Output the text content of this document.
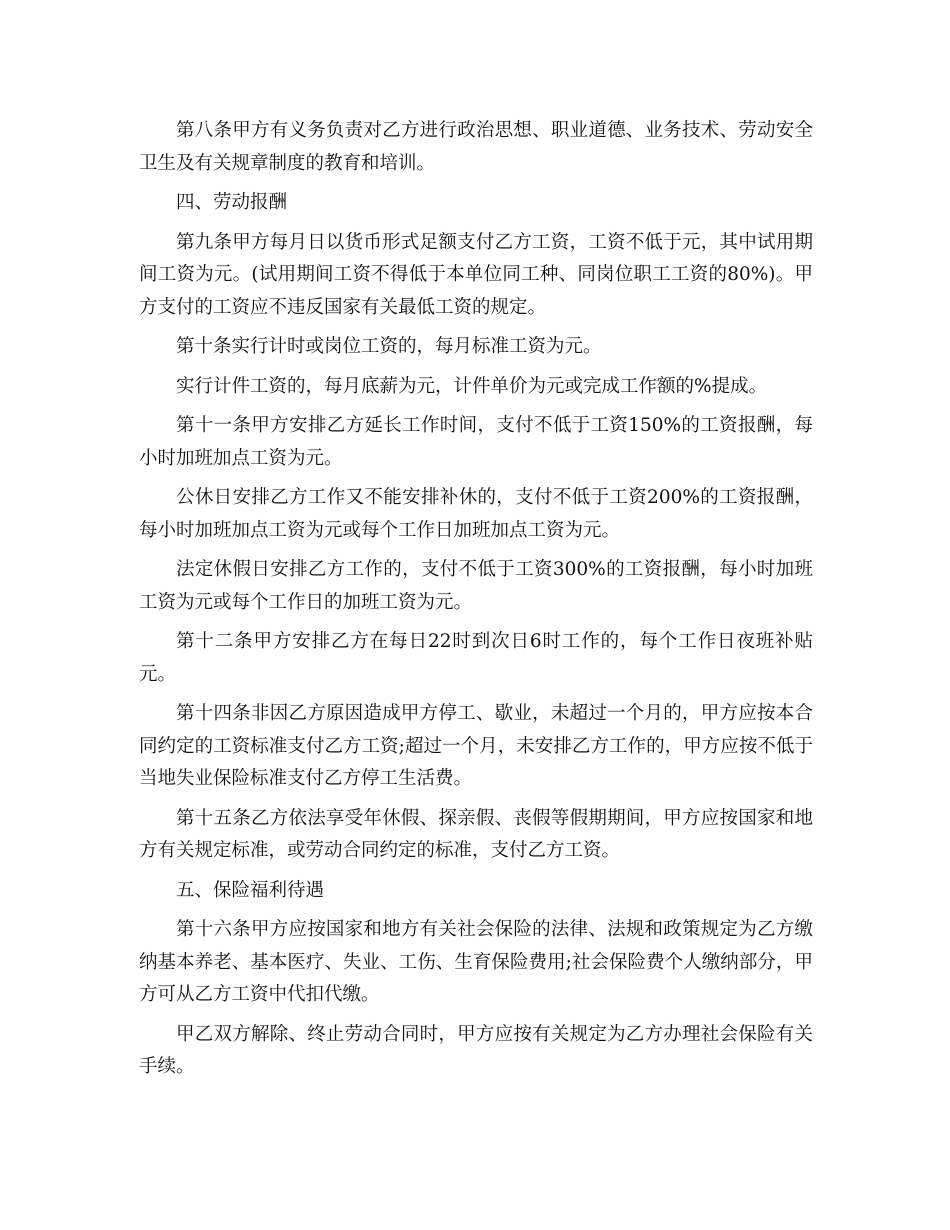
第八条甲方有义务负责对乙方进行政治思想、职业道德、业务技术、劳动安全卫生及有关规章制度的教育和培训。

四、劳动报酬

第九条甲方每月日以货币形式足额支付乙方工资，工资不低于元，其中试用期间工资为元。(试用期间工资不得低于本单位同工种、同岗位职工工资的80%)。甲方支付的工资应不违反国家有关最低工资的规定。

第十条实行计时或岗位工资的，每月标准工资为元。

实行计件工资的，每月底薪为元，计件单价为元或完成工作额的%提成。

第十一条甲方安排乙方延长工作时间，支付不低于工资150%的工资报酬，每小时加班加点工资为元。

公休日安排乙方工作又不能安排补休的，支付不低于工资200%的工资报酬，每小时加班加点工资为元或每个工作日加班加点工资为元。

法定休假日安排乙方工作的，支付不低于工资300%的工资报酬，每小时加班工资为元或每个工作日的加班工资为元。

第十二条甲方安排乙方在每日22时到次日6时工作的，每个工作日夜班补贴元。

第十四条非因乙方原因造成甲方停工、歇业，未超过一个月的，甲方应按本合同约定的工资标准支付乙方工资;超过一个月，未安排乙方工作的，甲方应按不低于当地失业保险标准支付乙方停工生活费。

第十五条乙方依法享受年休假、探亲假、丧假等假期期间，甲方应按国家和地方有关规定标准，或劳动合同约定的标准，支付乙方工资。

五、保险福利待遇

第十六条甲方应按国家和地方有关社会保险的法律、法规和政策规定为乙方缴纳基本养老、基本医疗、失业、工伤、生育保险费用;社会保险费个人缴纳部分，甲方可从乙方工资中代扣代缴。

甲乙双方解除、终止劳动合同时，甲方应按有关规定为乙方办理社会保险有关手续。
